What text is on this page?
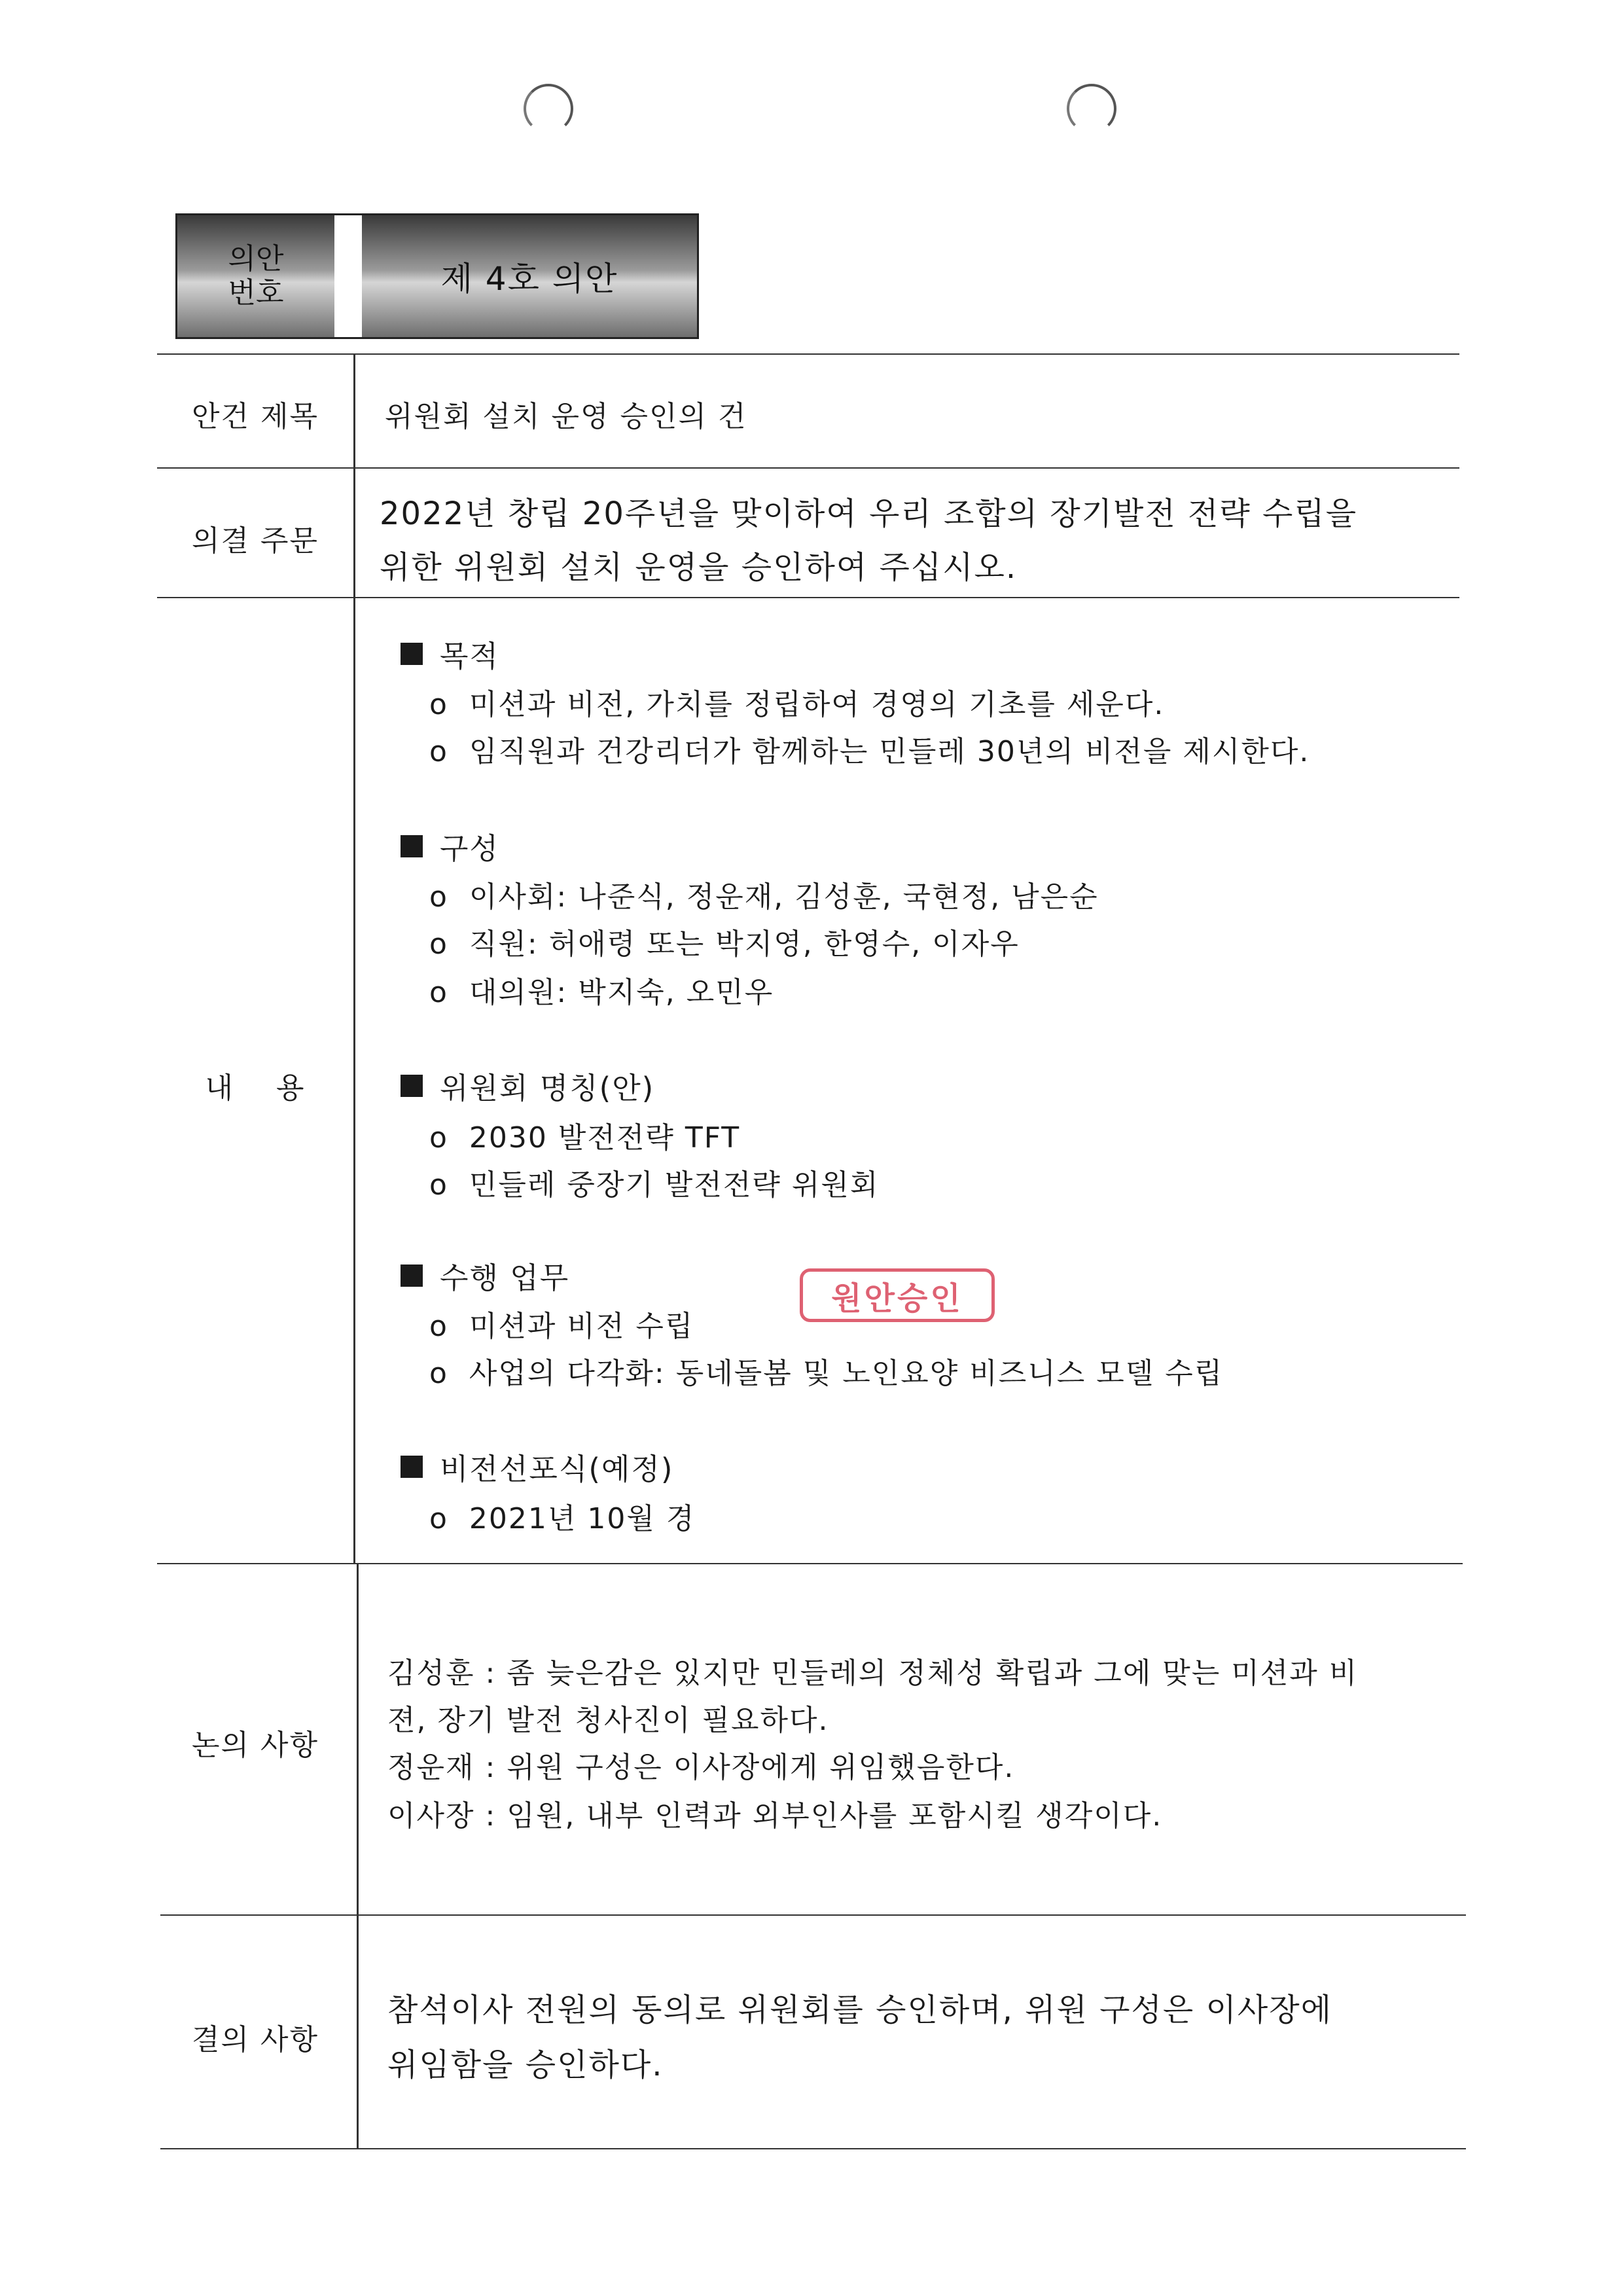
의안
번호	제 4호 의안
안건 제목	위원회 설치 운영 승인의 건
의결 주문
2022년 창립 20주년을 맞이하여 우리 조합의 장기발전 전략 수립을
위한 위원회 설치 운영을 승인하여 주십시오.
내    용
목적
o 미션과 비전, 가치를 정립하여 경영의 기초를 세운다.
o 임직원과 건강리더가 함께하는 민들레 30년의 비전을 제시한다.
구성
o 이사회: 나준식, 정운재, 김성훈, 국현정, 남은순
o 직원: 허애령 또는 박지영, 한영수, 이자우
o 대의원: 박지숙, 오민우
위원회 명칭(안)
o 2030 발전전략 TFT
o 민들레 중장기 발전전략 위원회
수행 업무
o 미션과 비전 수립
o 사업의 다각화: 동네돌봄 및 노인요양 비즈니스 모델 수립
비전선포식(예정)
o 2021년 10월 경
원안승인
논의 사항
김성훈 : 좀 늦은감은 있지만 민들레의 정체성 확립과 그에 맞는 미션과 비
젼, 장기 발전 청사진이 필요하다.
정운재 : 위원 구성은 이사장에게 위임했음한다.
이사장 : 임원, 내부 인력과 외부인사를 포함시킬 생각이다.
결의 사항
참석이사 전원의 동의로 위원회를 승인하며, 위원 구성은 이사장에
위임함을 승인하다.
